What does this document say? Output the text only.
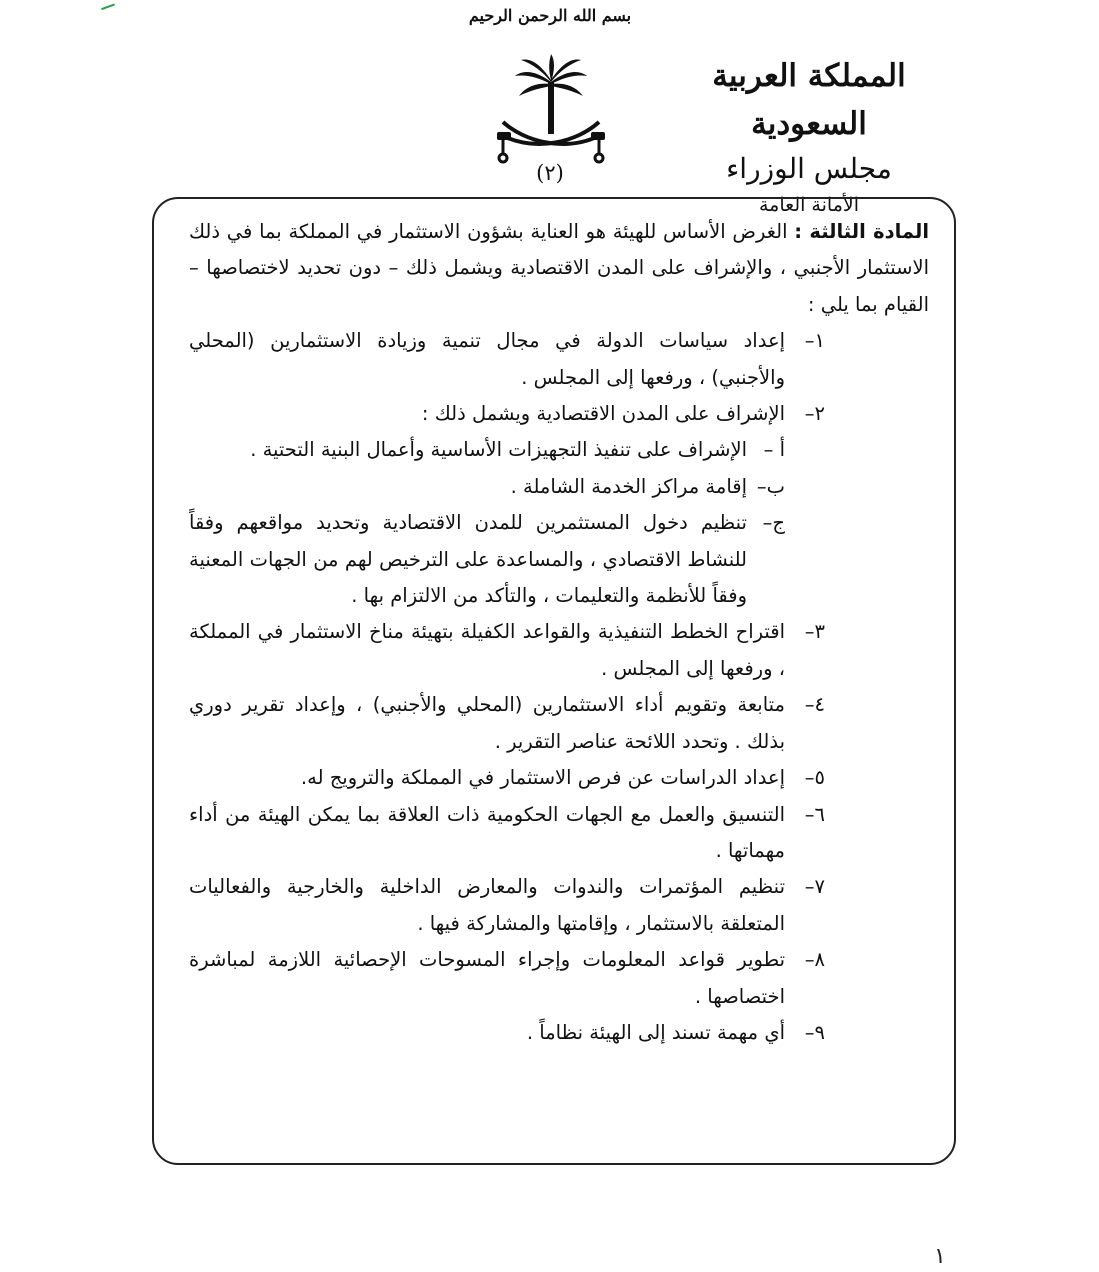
بسم الله الرحمن الرحيم
(٢)
المملكة العربية السعودية
مجلس الوزراء
الأمانة العامة

المادة الثالثة : الغرض الأساس للهيئة هو العناية بشؤون الاستثمار في المملكة بما في ذلك الاستثمار الأجنبي ، والإشراف على المدن الاقتصادية ويشمل ذلك – دون تحديد لاختصاصها – القيام بما يلي :

١–
إعداد سياسات الدولة في مجال تنمية وزيادة الاستثمارين (المحلي والأجنبي) ، ورفعها إلى المجلس .
٢–
الإشراف على المدن الاقتصادية ويشمل ذلك :
أ –
الإشراف على تنفيذ التجهيزات الأساسية وأعمال البنية التحتية .
ب–
إقامة مراكز الخدمة الشاملة .
ج–
تنظيم دخول المستثمرين للمدن الاقتصادية وتحديد مواقعهم وفقاً للنشاط الاقتصادي ، والمساعدة على الترخيص لهم من الجهات المعنية وفقاً للأنظمة والتعليمات ، والتأكد من الالتزام بها .
٣–
اقتراح الخطط التنفيذية والقواعد الكفيلة بتهيئة مناخ الاستثمار في المملكة ، ورفعها إلى المجلس .
٤–
متابعة وتقويم أداء الاستثمارين (المحلي والأجنبي) ، وإعداد تقرير دوري بذلك . وتحدد اللائحة عناصر التقرير .
٥–
إعداد الدراسات عن فرص الاستثمار في المملكة والترويج له.
٦–
التنسيق والعمل مع الجهات الحكومية ذات العلاقة بما يمكن الهيئة من أداء مهماتها .
٧–
تنظيم المؤتمرات والندوات والمعارض الداخلية والخارجية والفعاليات المتعلقة بالاستثمار ، وإقامتها والمشاركة فيها .
٨–
تطوير قواعد المعلومات وإجراء المسوحات الإحصائية اللازمة لمباشرة اختصاصها .
٩–
أي مهمة تسند إلى الهيئة نظاماً .
١
